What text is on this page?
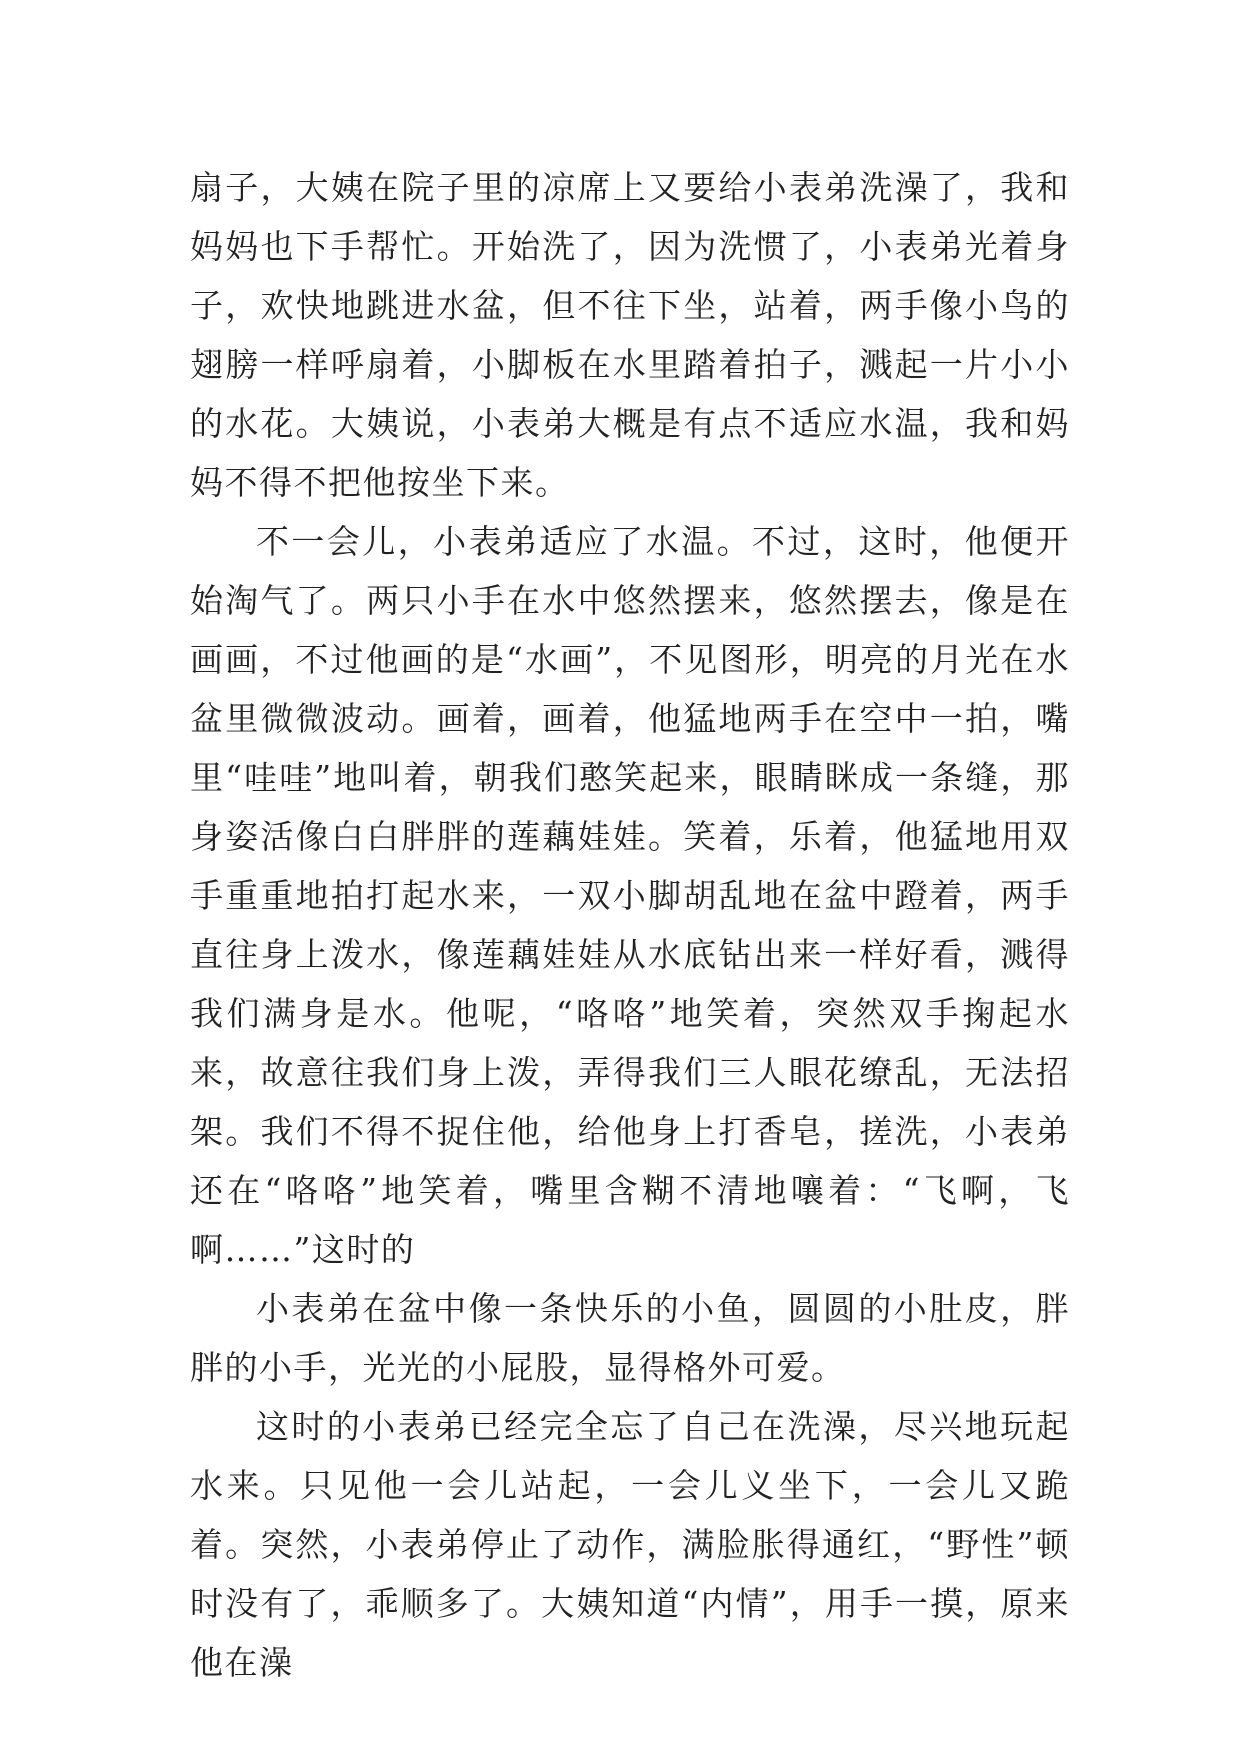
扇子，大姨在院子里的凉席上又要给小表弟洗澡了，我和妈妈也下手帮忙。开始洗了，因为洗惯了，小表弟光着身子，欢快地跳进水盆，但不往下坐，站着，两手像小鸟的翅膀一样呼扇着，小脚板在水里踏着拍子，溅起一片小小的水花。大姨说，小表弟大概是有点不适应水温，我和妈妈不得不把他按坐下来。

不一会儿，小表弟适应了水温。不过，这时，他便开始淘气了。两只小手在水中悠然摆来，悠然摆去，像是在画画，不过他画的是“水画”，不见图形，明亮的月光在水盆里微微波动。画着，画着，他猛地两手在空中一拍，嘴里“哇哇”地叫着，朝我们憨笑起来，眼睛眯成一条缝，那身姿活像白白胖胖的莲藕娃娃。笑着，乐着，他猛地用双手重重地拍打起水来，一双小脚胡乱地在盆中蹬着，两手直往身上泼水，像莲藕娃娃从水底钻出来一样好看，溅得我们满身是水。他呢，“咯咯”地笑着，突然双手掬起水来，故意往我们身上泼，弄得我们三人眼花缭乱，无法招架。我们不得不捉住他，给他身上打香皂，搓洗，小表弟还在“咯咯”地笑着，嘴里含糊不清地嚷着：“飞啊，飞啊……”这时的

小表弟在盆中像一条快乐的小鱼，圆圆的小肚皮，胖胖的小手，光光的小屁股，显得格外可爱。

这时的小表弟已经完全忘了自己在洗澡，尽兴地玩起水来。只见他一会儿站起，一会儿义坐下，一会儿又跪着。突然，小表弟停止了动作，满脸胀得通红，“野性”顿时没有了，乖顺多了。大姨知道“内情”，用手一摸，原来他在澡
